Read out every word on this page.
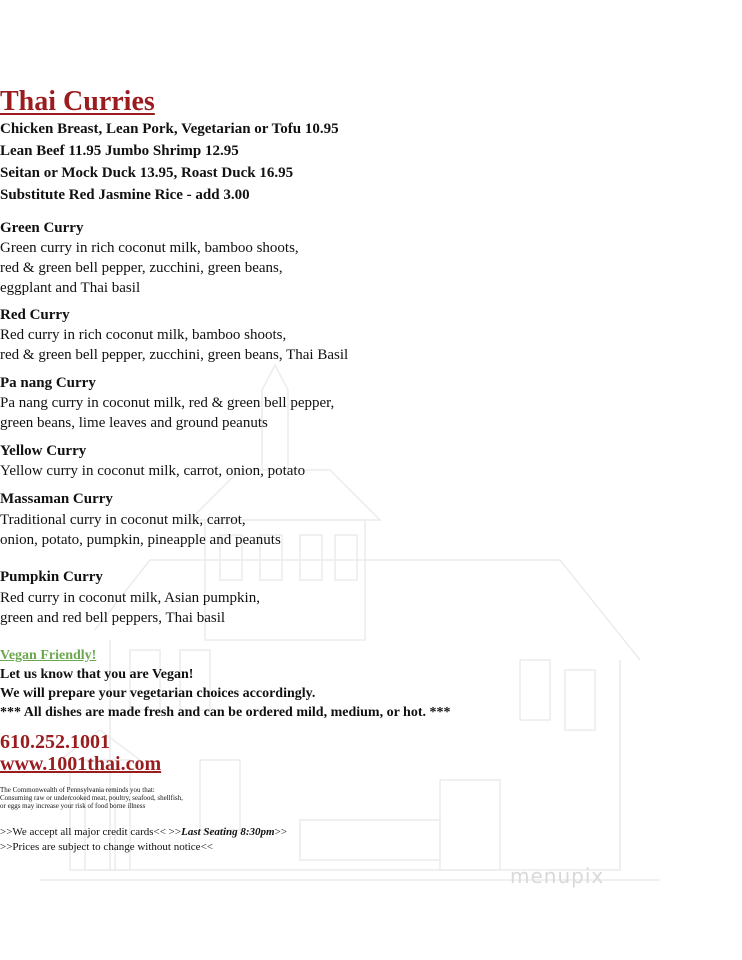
Thai Curries
Chicken Breast, Lean Pork, Vegetarian or Tofu 10.95
Lean Beef 11.95 Jumbo Shrimp 12.95
Seitan or Mock Duck 13.95, Roast Duck 16.95
Substitute Red Jasmine Rice - add 3.00
Green Curry
Green curry in rich coconut milk, bamboo shoots,
red & green bell pepper, zucchini, green beans,
eggplant and Thai basil
Red Curry
Red curry in rich coconut milk, bamboo shoots,
red & green bell pepper, zucchini, green beans, Thai Basil
Pa nang Curry
Pa nang curry in coconut milk, red & green bell pepper,
green beans, lime leaves and ground peanuts
Yellow Curry
Yellow curry in coconut milk, carrot, onion, potato
Massaman Curry
Traditional curry in coconut milk, carrot,
onion, potato, pumpkin, pineapple and peanuts
Pumpkin Curry
Red curry in coconut milk, Asian pumpkin,
green and red bell peppers, Thai basil
Vegan Friendly!
Let us know that you are Vegan!
We will prepare your vegetarian choices accordingly.
*** All dishes are made fresh and can be ordered mild, medium, or hot. ***
610.252.1001
www.1001thai.com
The Commonwealth of Pennsylvania reminds you that:
Consuming raw or undercooked meat, poultry, seafood, shellfish,
or eggs may increase your risk of food borne illness
>>We accept all major credit cards<< >>Last Seating 8:30pm>>
>>Prices are subject to change without notice<<
menupix
